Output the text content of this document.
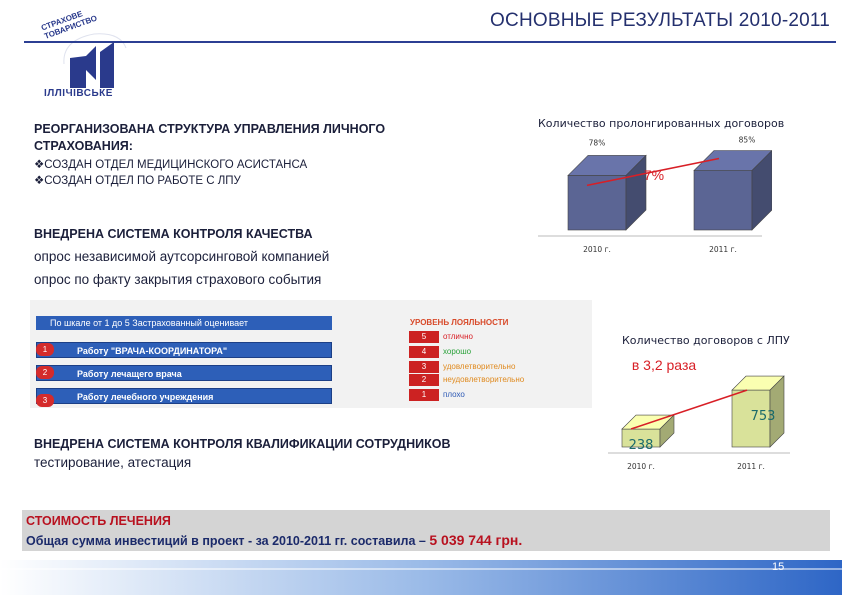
ОСНОВНЫЕ РЕЗУЛЬТАТЫ 2010-2011
СТРАХОВЕ ТОВАРИСТВО
ІЛЛІЧІВСЬКЕ
РЕОРГАНИЗОВАНА СТРУКТУРА УПРАВЛЕНИЯ ЛИЧНОГО
СТРАХОВАНИЯ:
❖СОЗДАН ОТДЕЛ МЕДИЦИНСКОГО АСИСТАНСА
❖СОЗДАН ОТДЕЛ ПО РАБОТЕ С ЛПУ
ВНЕДРЕНА СИСТЕМА КОНТРОЛЯ КАЧЕСТВА
опрос независимой аутсорсинговой компанией
опрос по факту закрытия страхового события
По шкале от 1 до 5 Застрахованный оценивает
Работу "ВРАЧА-КООРДИНАТОРА"
1
Работу лечащего врача
2
Работу лечебного учреждения
3
УРОВЕНЬ ЛОЯЛЬНОСТИ
5	отлично
4	хорошо
3	удовлетворительно
2	неудовлетворительно
1	плохо
ВНЕДРЕНА СИСТЕМА КОНТРОЛЯ КВАЛИФИКАЦИИ СОТРУДНИКОВ
тестирование, атестация
Количество пролонгированных договоров
78%
2010 г.
85%
2011 г.
7%
Количество договоров с ЛПУ
238
2010 г.
753
2011 г.
в 3,2 раза
СТОИМОСТЬ ЛЕЧЕНИЯ
Общая сумма инвестиций в проект - за 2010-2011 гг. составила – 5 039 744 грн.
15
